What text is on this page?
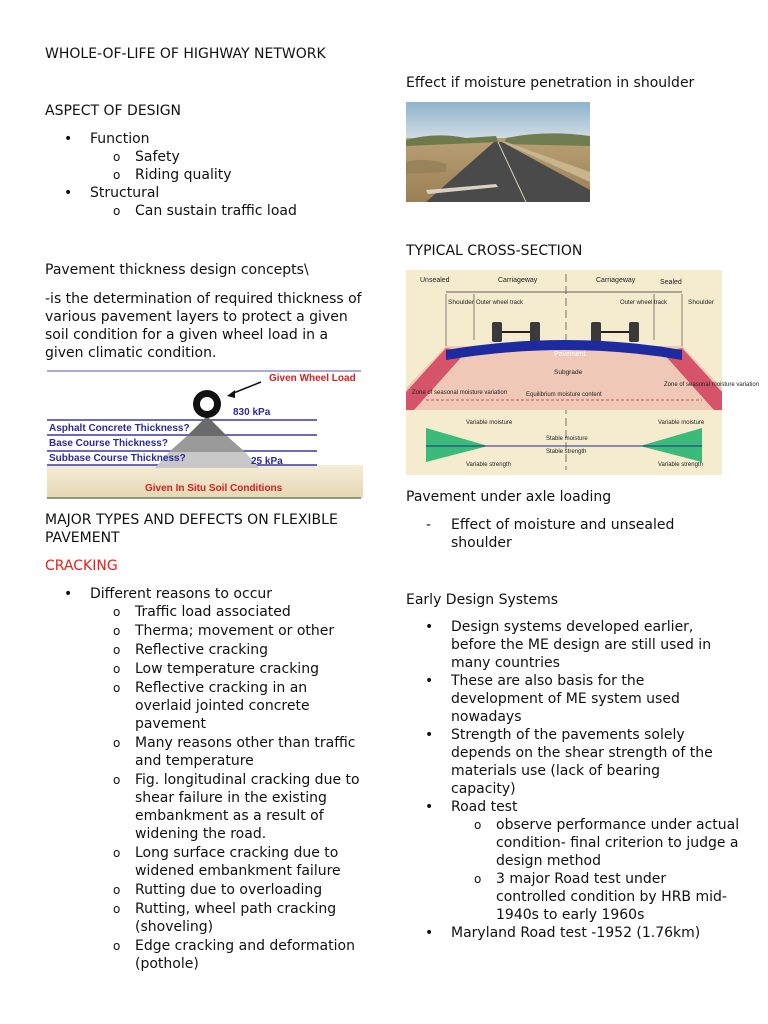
WHOLE-OF-LIFE OF HIGHWAY NETWORK

ASPECT OF DESIGN

• Function
o Safety
o Riding quality
• Structural
o Can sustain traffic load

Pavement thickness design concepts\

-is the determination of required thickness of various pavement layers to protect a given soil condition for a given wheel load in a given climatic condition.

Given Wheel Load
830 kPa
Asphalt Concrete Thickness?
Base Course Thickness?
Subbase Course Thickness?	25 kPa
Given In Situ Soil Conditions

MAJOR TYPES AND DEFECTS ON FLEXIBLE PAVEMENT

CRACKING

• Different reasons to occur
o Traffic load associated
o Therma; movement or other
o Reflective cracking
o Low temperature cracking
o Reflective cracking in an overlaid jointed concrete pavement
o Many reasons other than traffic and temperature
o Fig. longitudinal cracking due to shear failure in the existing embankment as a result of widening the road.
o Long surface cracking due to widened embankment failure
o Rutting due to overloading
o Rutting, wheel path cracking (shoveling)
o Edge cracking and deformation (pothole)

Effect if moisture penetration in shoulder

TYPICAL CROSS-SECTION

Unsealed	Carriageway	Carriageway	Sealed
Shoulder Outer wheel track	Outer wheel track	Shoulder
Pavement
Subgrade
Zone of seasonal moisture variation	Equilibrium moisture content
Zone of seasonal moisture variation
Variable moisture	Variable moisture
Stable moisture
Stable strength
Variable strength	Variable strength

Pavement under axle loading

- Effect of moisture and unsealed shoulder

Early Design Systems

• Design systems developed earlier, before the ME design are still used in many countries
• These are also basis for the development of ME system used nowadays
• Strength of the pavements solely depends on the shear strength of the materials use (lack of bearing capacity)
• Road test
o observe performance under actual condition- final criterion to judge a design method
o 3 major Road test under controlled condition by HRB mid-1940s to early 1960s
• Maryland Road test -1952 (1.76km)
